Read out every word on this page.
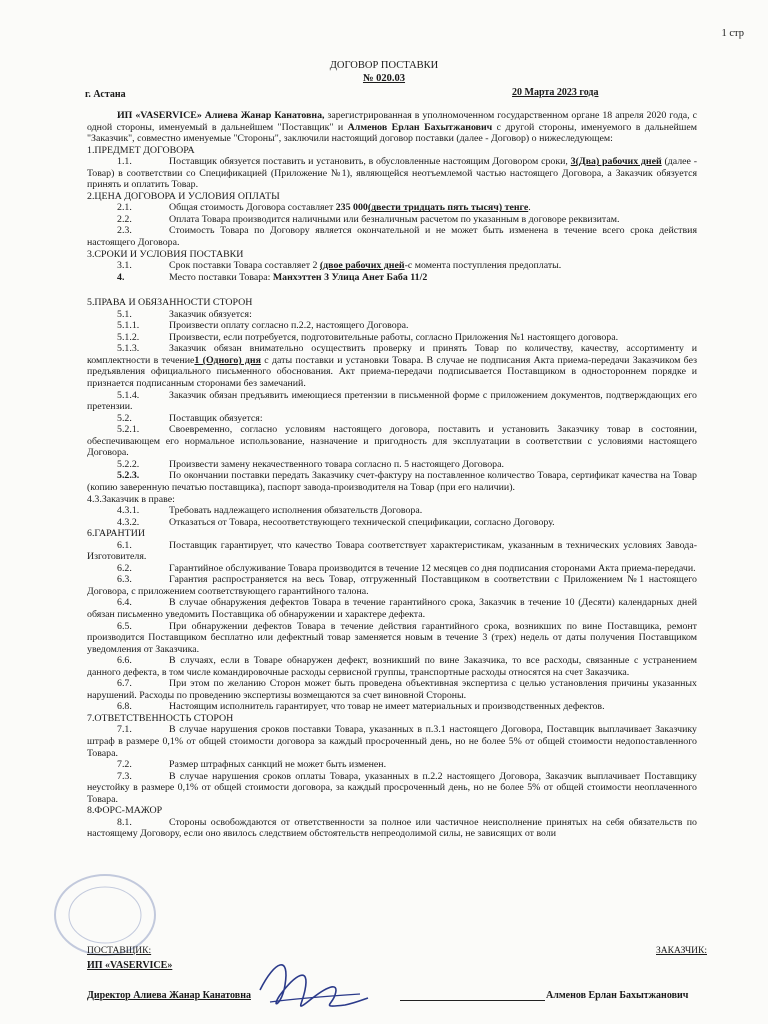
1 стр
ДОГОВОР ПОСТАВКИ
№ 020.03
г. Астана	20 Марта 2023 года

ИП «VASERVICE» Алиева Жанар Канатовна, зарегистрированная в уполномоченном государственном органе 18 апреля 2020 года, с одной стороны, именуемый в дальнейшем "Поставщик" и Алменов Ерлан Бахытжанович с другой стороны, именуемого в дальнейшем "Заказчик", совместно именуемые "Стороны", заключили настоящий договор поставки (далее - Договор) о нижеследующем:

1.ПРЕДМЕТ ДОГОВОРА

1.1.	Поставщик обязуется поставить и установить, в обусловленные настоящим Договором сроки, 3(Два) рабочих дней (далее - Товар) в соответствии со Спецификацией (Приложение №1), являющейся неотъемлемой частью настоящего Договора, а Заказчик обязуется принять и оплатить Товар.

2.ЦЕНА ДОГОВОРА И УСЛОВИЯ ОПЛАТЫ

2.1.	Общая стоимость Договора составляет 235 000(двести тридцать пять тысяч) тенге.

2.2.	Оплата Товара производится наличными или безналичным расчетом по указанным в договоре реквизитам.

2.3.	Стоимость Товара по Договору является окончательной и не может быть изменена в течение всего срока действия настоящего Договора.

3.СРОКИ И УСЛОВИЯ ПОСТАВКИ

3.1.	Срок поставки Товара составляет 2 (двое рабочих дней-с момента поступления предоплаты.

4.	Место поставки Товара: Манхэттен 3 Улица Анет Баба 11/2

5.ПРАВА И ОБЯЗАННОСТИ СТОРОН

5.1.	Заказчик обязуется:

5.1.1.	Произвести оплату согласно п.2.2, настоящего Договора.

5.1.2.	Произвести, если потребуется, подготовительные работы, согласно Приложения №1 настоящего договора.

5.1.3.	Заказчик обязан внимательно осуществить проверку и принять Товар по количеству, качеству, ассортименту и комплектности в течение1 (Одного) дня с даты поставки и установки Товара. В случае не подписания Акта приема-передачи Заказчиком без предъявления официального письменного обоснования. Акт приема-передачи подписывается Поставщиком в одностороннем порядке и признается подписанным сторонами без замечаний.

5.1.4.	Заказчик обязан предъявить имеющиеся претензии в письменной форме с приложением документов, подтверждающих его претензии.

5.2.	Поставщик обязуется:

5.2.1.	Своевременно, согласно условиям настоящего договора, поставить и установить Заказчику товар в состоянии, обеспечивающем его нормальное использование, назначение и пригодность для эксплуатации в соответствии с условиями настоящего Договора.

5.2.2.	Произвести замену некачественного товара согласно п. 5 настоящего Договора.

5.2.3.	По окончании поставки передать Заказчику счет-фактуру на поставленное количество Товара, сертификат качества на Товар (копию заверенную печатью поставщика), паспорт завода-производителя на Товар (при его наличии).

4.3.Заказчик в праве:

4.3.1.	Требовать надлежащего исполнения обязательств Договора.

4.3.2.	Отказаться от Товара, несоответствующего технической спецификации, согласно Договору.

6.ГАРАНТИИ

6.1.	Поставщик гарантирует, что качество Товара соответствует характеристикам, указанным в технических условиях Завода-Изготовителя.

6.2.	Гарантийное обслуживание Товара производится в течение 12 месяцев со дня подписания сторонами Акта приема-передачи.

6.3.	Гарантия распространяется на весь Товар, отгруженный Поставщиком в соответствии с Приложением №1 настоящего Договора, с приложением соответствующего гарантийного талона.

6.4.	В случае обнаружения дефектов Товара в течение гарантийного срока, Заказчик в течение 10 (Десяти) календарных дней обязан письменно уведомить Поставщика об обнаружении и характере дефекта.

6.5.	При обнаружении дефектов Товара в течение действия гарантийного срока, возникших по вине Поставщика, ремонт производится Поставщиком бесплатно или дефектный товар заменяется новым в течение 3 (трех) недель от даты получения Поставщиком уведомления от Заказчика.

6.6.	В случаях, если в Товаре обнаружен дефект, возникший по вине Заказчика, то все расходы, связанные с устранением данного дефекта, в том числе командировочные расходы сервисной группы, транспортные расходы относятся на счет Заказчика.

6.7.	При этом по желанию Сторон может быть проведена объективная экспертиза с целью установления причины указанных нарушений. Расходы по проведению экспертизы возмещаются за счет виновной Стороны.

6.8.	Настоящим исполнитель гарантирует, что товар не имеет материальных и производственных дефектов.

7.ОТВЕТСТВЕННОСТЬ СТОРОН

7.1.	В случае нарушения сроков поставки Товара, указанных в п.3.1 настоящего Договора, Поставщик выплачивает Заказчику штраф в размере 0,1% от общей стоимости договора за каждый просроченный день, но не более 5% от общей стоимости недопоставленного Товара.

7.2.	Размер штрафных санкций не может быть изменен.

7.3.	В случае нарушения сроков оплаты Товара, указанных в п.2.2 настоящего Договора, Заказчик выплачивает Поставщику неустойку в размере 0,1% от общей стоимости договора, за каждый просроченный день, но не более 5% от общей стоимости неоплаченного Товара.

8.ФОРС-МАЖОР

8.1.	Стороны освобождаются от ответственности за полное или частичное неисполнение принятых на себя обязательств по настоящему Договору, если оно явилось следствием обстоятельств непреодолимой силы, не зависящих от воли

ПОСТАВЩИК:	ЗАКАЗЧИК:
ИП «VASERVICE»
Директор Алиева Жанар Канатовна	Алменов Ерлан Бахытжанович
